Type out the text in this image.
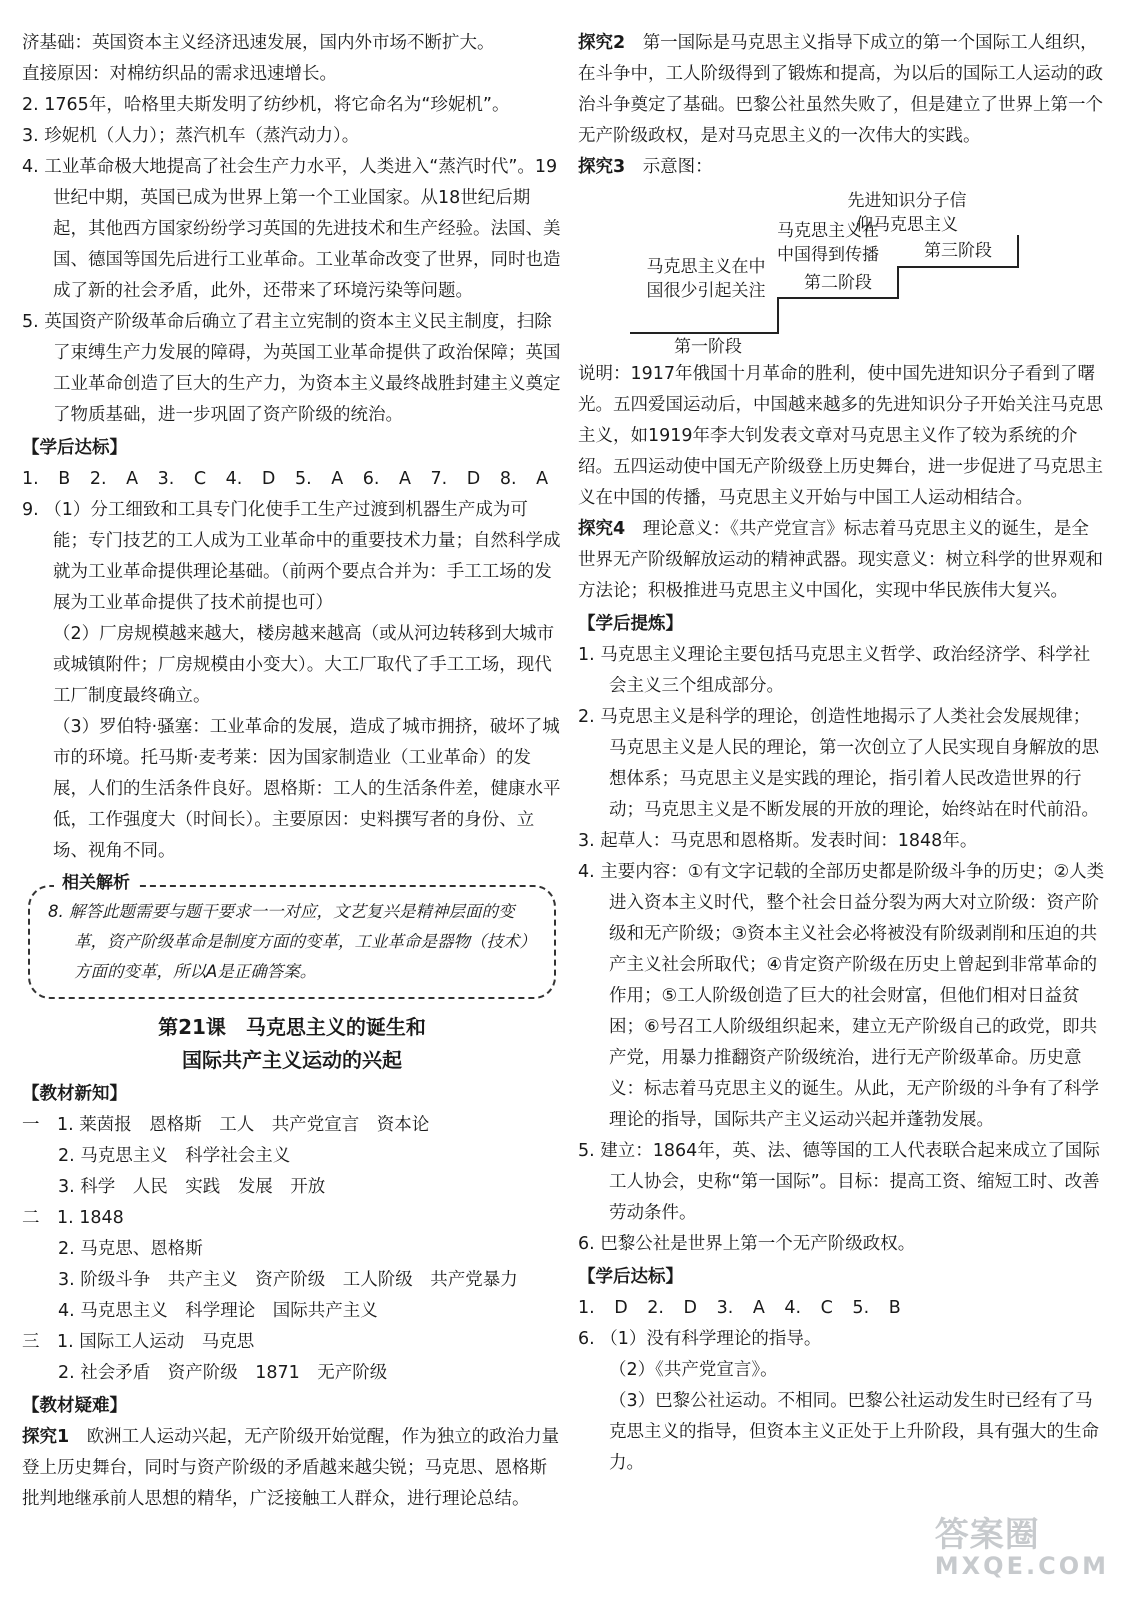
济基础：英国资本主义经济迅速发展，国内外市场不断扩大。

直接原因：对棉纺织品的需求迅速增长。

2. 1765年，哈格里夫斯发明了纺纱机，将它命名为“珍妮机”。

3. 珍妮机（人力）；蒸汽机车（蒸汽动力）。

4. 工业革命极大地提高了社会生产力水平，人类进入“蒸汽时代”。19世纪中期，英国已成为世界上第一个工业国家。从18世纪后期起，其他西方国家纷纷学习英国的先进技术和生产经验。法国、美国、德国等国先后进行工业革命。工业革命改变了世界，同时也造成了新的社会矛盾，此外，还带来了环境污染等问题。

5. 英国资产阶级革命后确立了君主立宪制的资本主义民主制度，扫除了束缚生产力发展的障碍，为英国工业革命提供了政治保障；英国工业革命创造了巨大的生产力，为资本主义最终战胜封建主义奠定了物质基础，进一步巩固了资产阶级的统治。

【学后达标】

1. B 2. A 3. C 4. D 5. A 6. A 7. D 8. A

9. （1）分工细致和工具专门化使手工生产过渡到机器生产成为可能；专门技艺的工人成为工业革命中的重要技术力量；自然科学成就为工业革命提供理论基础。（前两个要点合并为：手工工场的发展为工业革命提供了技术前提也可）

（2）厂房规模越来越大，楼房越来越高（或从河边转移到大城市或城镇附件；厂房规模由小变大）。大工厂取代了手工工场，现代工厂制度最终确立。

（3）罗伯特·骚塞：工业革命的发展，造成了城市拥挤，破坏了城市的环境。托马斯·麦考莱：因为国家制造业（工业革命）的发展，人们的生活条件良好。恩格斯：工人的生活条件差，健康水平低，工作强度大（时间长）。主要原因：史料撰写者的身份、立场、视角不同。

相关解析

8. 解答此题需要与题干要求一一对应，文艺复兴是精神层面的变革，资产阶级革命是制度方面的变革，工业革命是器物（技术）方面的变革，所以A是正确答案。

第21课　马克思主义的诞生和

国际共产主义运动的兴起

【教材新知】

一　 1. 莱茵报　恩格斯　工人　共产党宣言　资本论

2. 马克思主义　科学社会主义

3. 科学　人民　实践　发展　开放

二　 1. 1848

2. 马克思、恩格斯

3. 阶级斗争　共产主义　资产阶级　工人阶级　共产党暴力

4. 马克思主义　科学理论　国际共产主义

三　 1. 国际工人运动　马克思

2. 社会矛盾　资产阶级　1871　无产阶级

【教材疑难】

探究1　 欧洲工人运动兴起，无产阶级开始觉醒，作为独立的政治力量登上历史舞台，同时与资产阶级的矛盾越来越尖锐；马克思、恩格斯批判地继承前人思想的精华，广泛接触工人群众，进行理论总结。

探究2　 第一国际是马克思主义指导下成立的第一个国际工人组织，在斗争中，工人阶级得到了锻炼和提高，为以后的国际工人运动的政治斗争奠定了基础。巴黎公社虽然失败了，但是建立了世界上第一个无产阶级政权，是对马克思主义的一次伟大的实践。

探究3　 示意图：

先进知识分子信
仰马克思主义
第三阶段
马克思主义在
中国得到传播
第二阶段
马克思主义在中
国很少引起关注
第一阶段

说明：1917年俄国十月革命的胜利，使中国先进知识分子看到了曙光。五四爱国运动后，中国越来越多的先进知识分子开始关注马克思主义，如1919年李大钊发表文章对马克思主义作了较为系统的介绍。五四运动使中国无产阶级登上历史舞台，进一步促进了马克思主义在中国的传播，马克思主义开始与中国工人运动相结合。

探究4　 理论意义：《共产党宣言》标志着马克思主义的诞生，是全世界无产阶级解放运动的精神武器。现实意义：树立科学的世界观和方法论；积极推进马克思主义中国化，实现中华民族伟大复兴。

【学后提炼】

1. 马克思主义理论主要包括马克思主义哲学、政治经济学、科学社会主义三个组成部分。

2. 马克思主义是科学的理论，创造性地揭示了人类社会发展规律；马克思主义是人民的理论，第一次创立了人民实现自身解放的思想体系；马克思主义是实践的理论，指引着人民改造世界的行动；马克思主义是不断发展的开放的理论，始终站在时代前沿。

3. 起草人：马克思和恩格斯。发表时间：1848年。

4. 主要内容：①有文字记载的全部历史都是阶级斗争的历史；②人类进入资本主义时代，整个社会日益分裂为两大对立阶级：资产阶级和无产阶级；③资本主义社会必将被没有阶级剥削和压迫的共产主义社会所取代；④肯定资产阶级在历史上曾起到非常革命的作用；⑤工人阶级创造了巨大的社会财富，但他们相对日益贫困；⑥号召工人阶级组织起来，建立无产阶级自己的政党，即共产党，用暴力推翻资产阶级统治，进行无产阶级革命。历史意义：标志着马克思主义的诞生。从此，无产阶级的斗争有了科学理论的指导，国际共产主义运动兴起并蓬勃发展。

5. 建立：1864年，英、法、德等国的工人代表联合起来成立了国际工人协会，史称“第一国际”。目标：提高工资、缩短工时、改善劳动条件。

6. 巴黎公社是世界上第一个无产阶级政权。

【学后达标】

1. D 2. D 3. A 4. C 5. B

6. （1）没有科学理论的指导。

（2）《共产党宣言》。

（3）巴黎公社运动。不相同。巴黎公社运动发生时已经有了马克思主义的指导，但资本主义正处于上升阶段，具有强大的生命力。

答案圈
MXQE.COM
